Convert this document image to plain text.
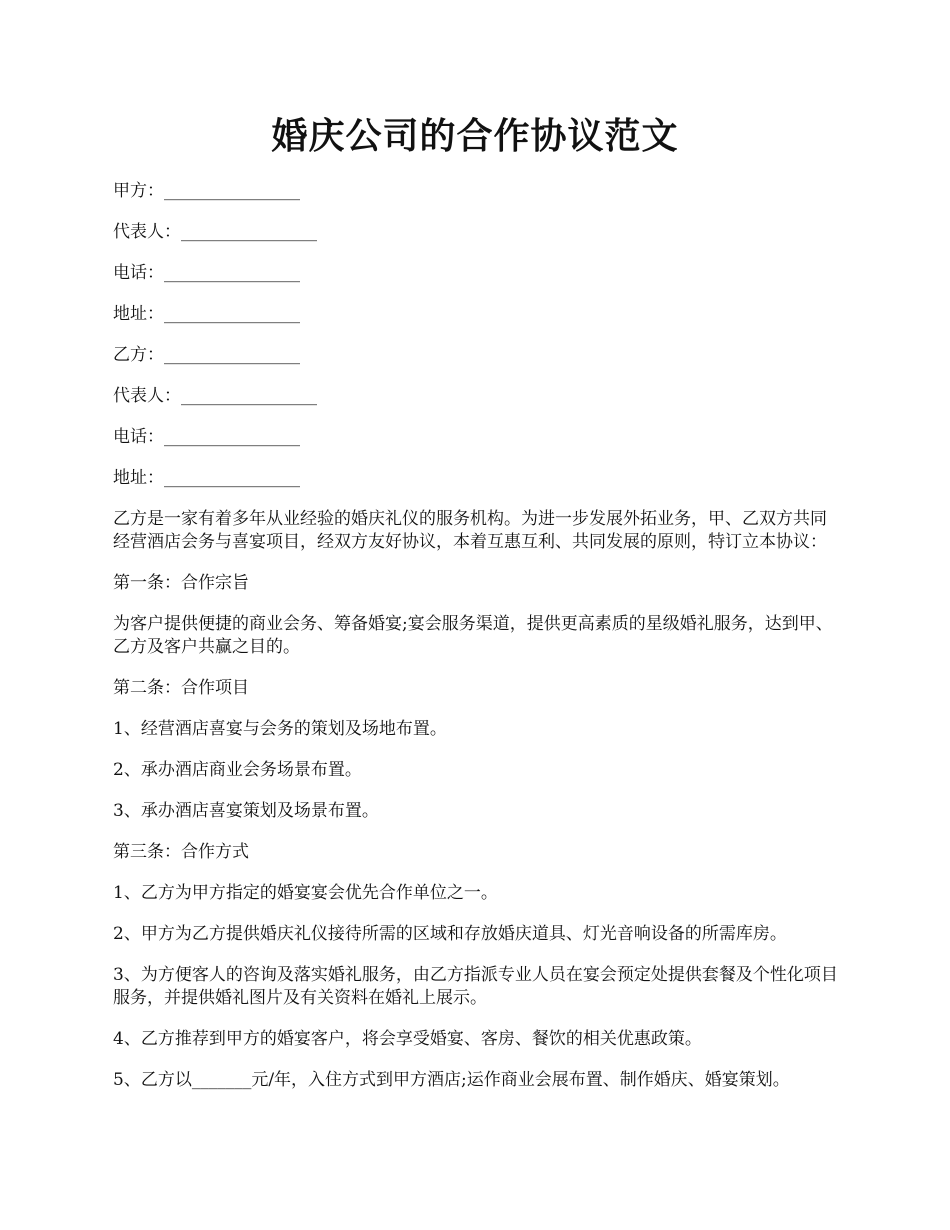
婚庆公司的合作协议范文
甲方：________________
代表人：________________
电话：________________
地址：________________
乙方：________________
代表人：________________
电话：________________
地址：________________

乙方是一家有着多年从业经验的婚庆礼仪的服务机构。为进一步发展外拓业务，甲、乙双方共同经营酒店会务与喜宴项目，经双方友好协议，本着互惠互利、共同发展的原则，特订立本协议：

第一条：合作宗旨

为客户提供便捷的商业会务、筹备婚宴;宴会服务渠道，提供更高素质的星级婚礼服务，达到甲、乙方及客户共赢之目的。

第二条：合作项目

1、经营酒店喜宴与会务的策划及场地布置。

2、承办酒店商业会务场景布置。

3、承办酒店喜宴策划及场景布置。

第三条：合作方式

1、乙方为甲方指定的婚宴宴会优先合作单位之一。

2、甲方为乙方提供婚庆礼仪接待所需的区域和存放婚庆道具、灯光音响设备的所需库房。

3、为方便客人的咨询及落实婚礼服务，由乙方指派专业人员在宴会预定处提供套餐及个性化项目服务，并提供婚礼图片及有关资料在婚礼上展示。

4、乙方推荐到甲方的婚宴客户，将会享受婚宴、客房、餐饮的相关优惠政策。

5、乙方以_______元/年，入住方式到甲方酒店;运作商业会展布置、制作婚庆、婚宴策划。
